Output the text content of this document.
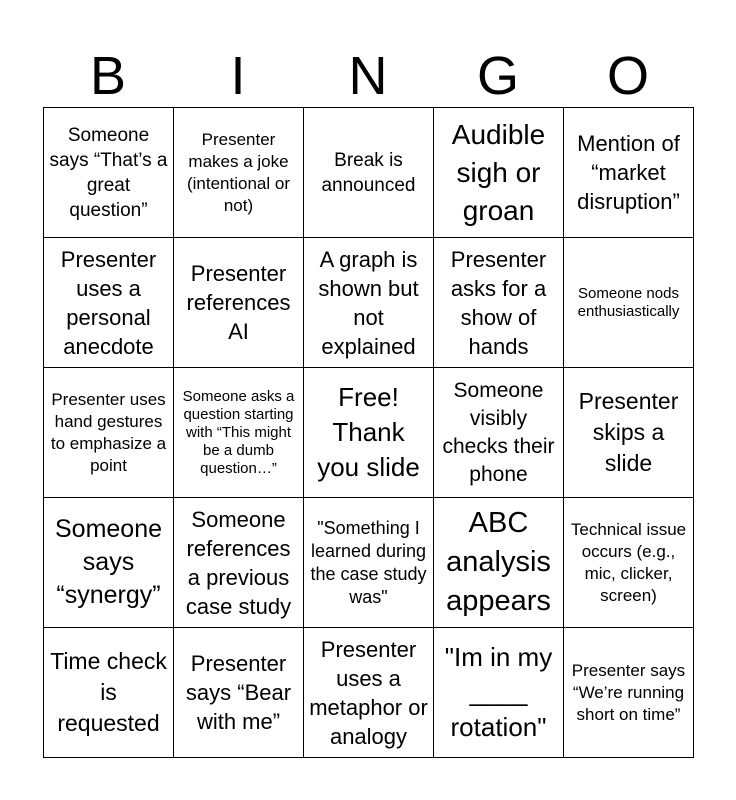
B	I	N	G	O
Someone says “That’s a great question”	Presenter makes a joke (intentional or not)	Break is announced	Audible sigh or groan	Mention of “market disruption”
Presenter uses a personal anecdote	Presenter references AI	A graph is shown but not explained	Presenter asks for a show of hands	Someone nods enthusiastically
Presenter uses hand gestures to emphasize a point	Someone asks a question starting with “This might be a dumb question…”	Free! Thank you slide	Someone visibly checks their phone	Presenter skips a slide
Someone says “synergy”	Someone references a previous case study	"Something I learned during the case study was"	ABC analysis appears	Technical issue occurs (e.g., mic, clicker, screen)
Time check is requested	Presenter says “Bear with me”	Presenter uses a metaphor or analogy	"Im in my ____ rotation"	Presenter says “We’re running short on time”
